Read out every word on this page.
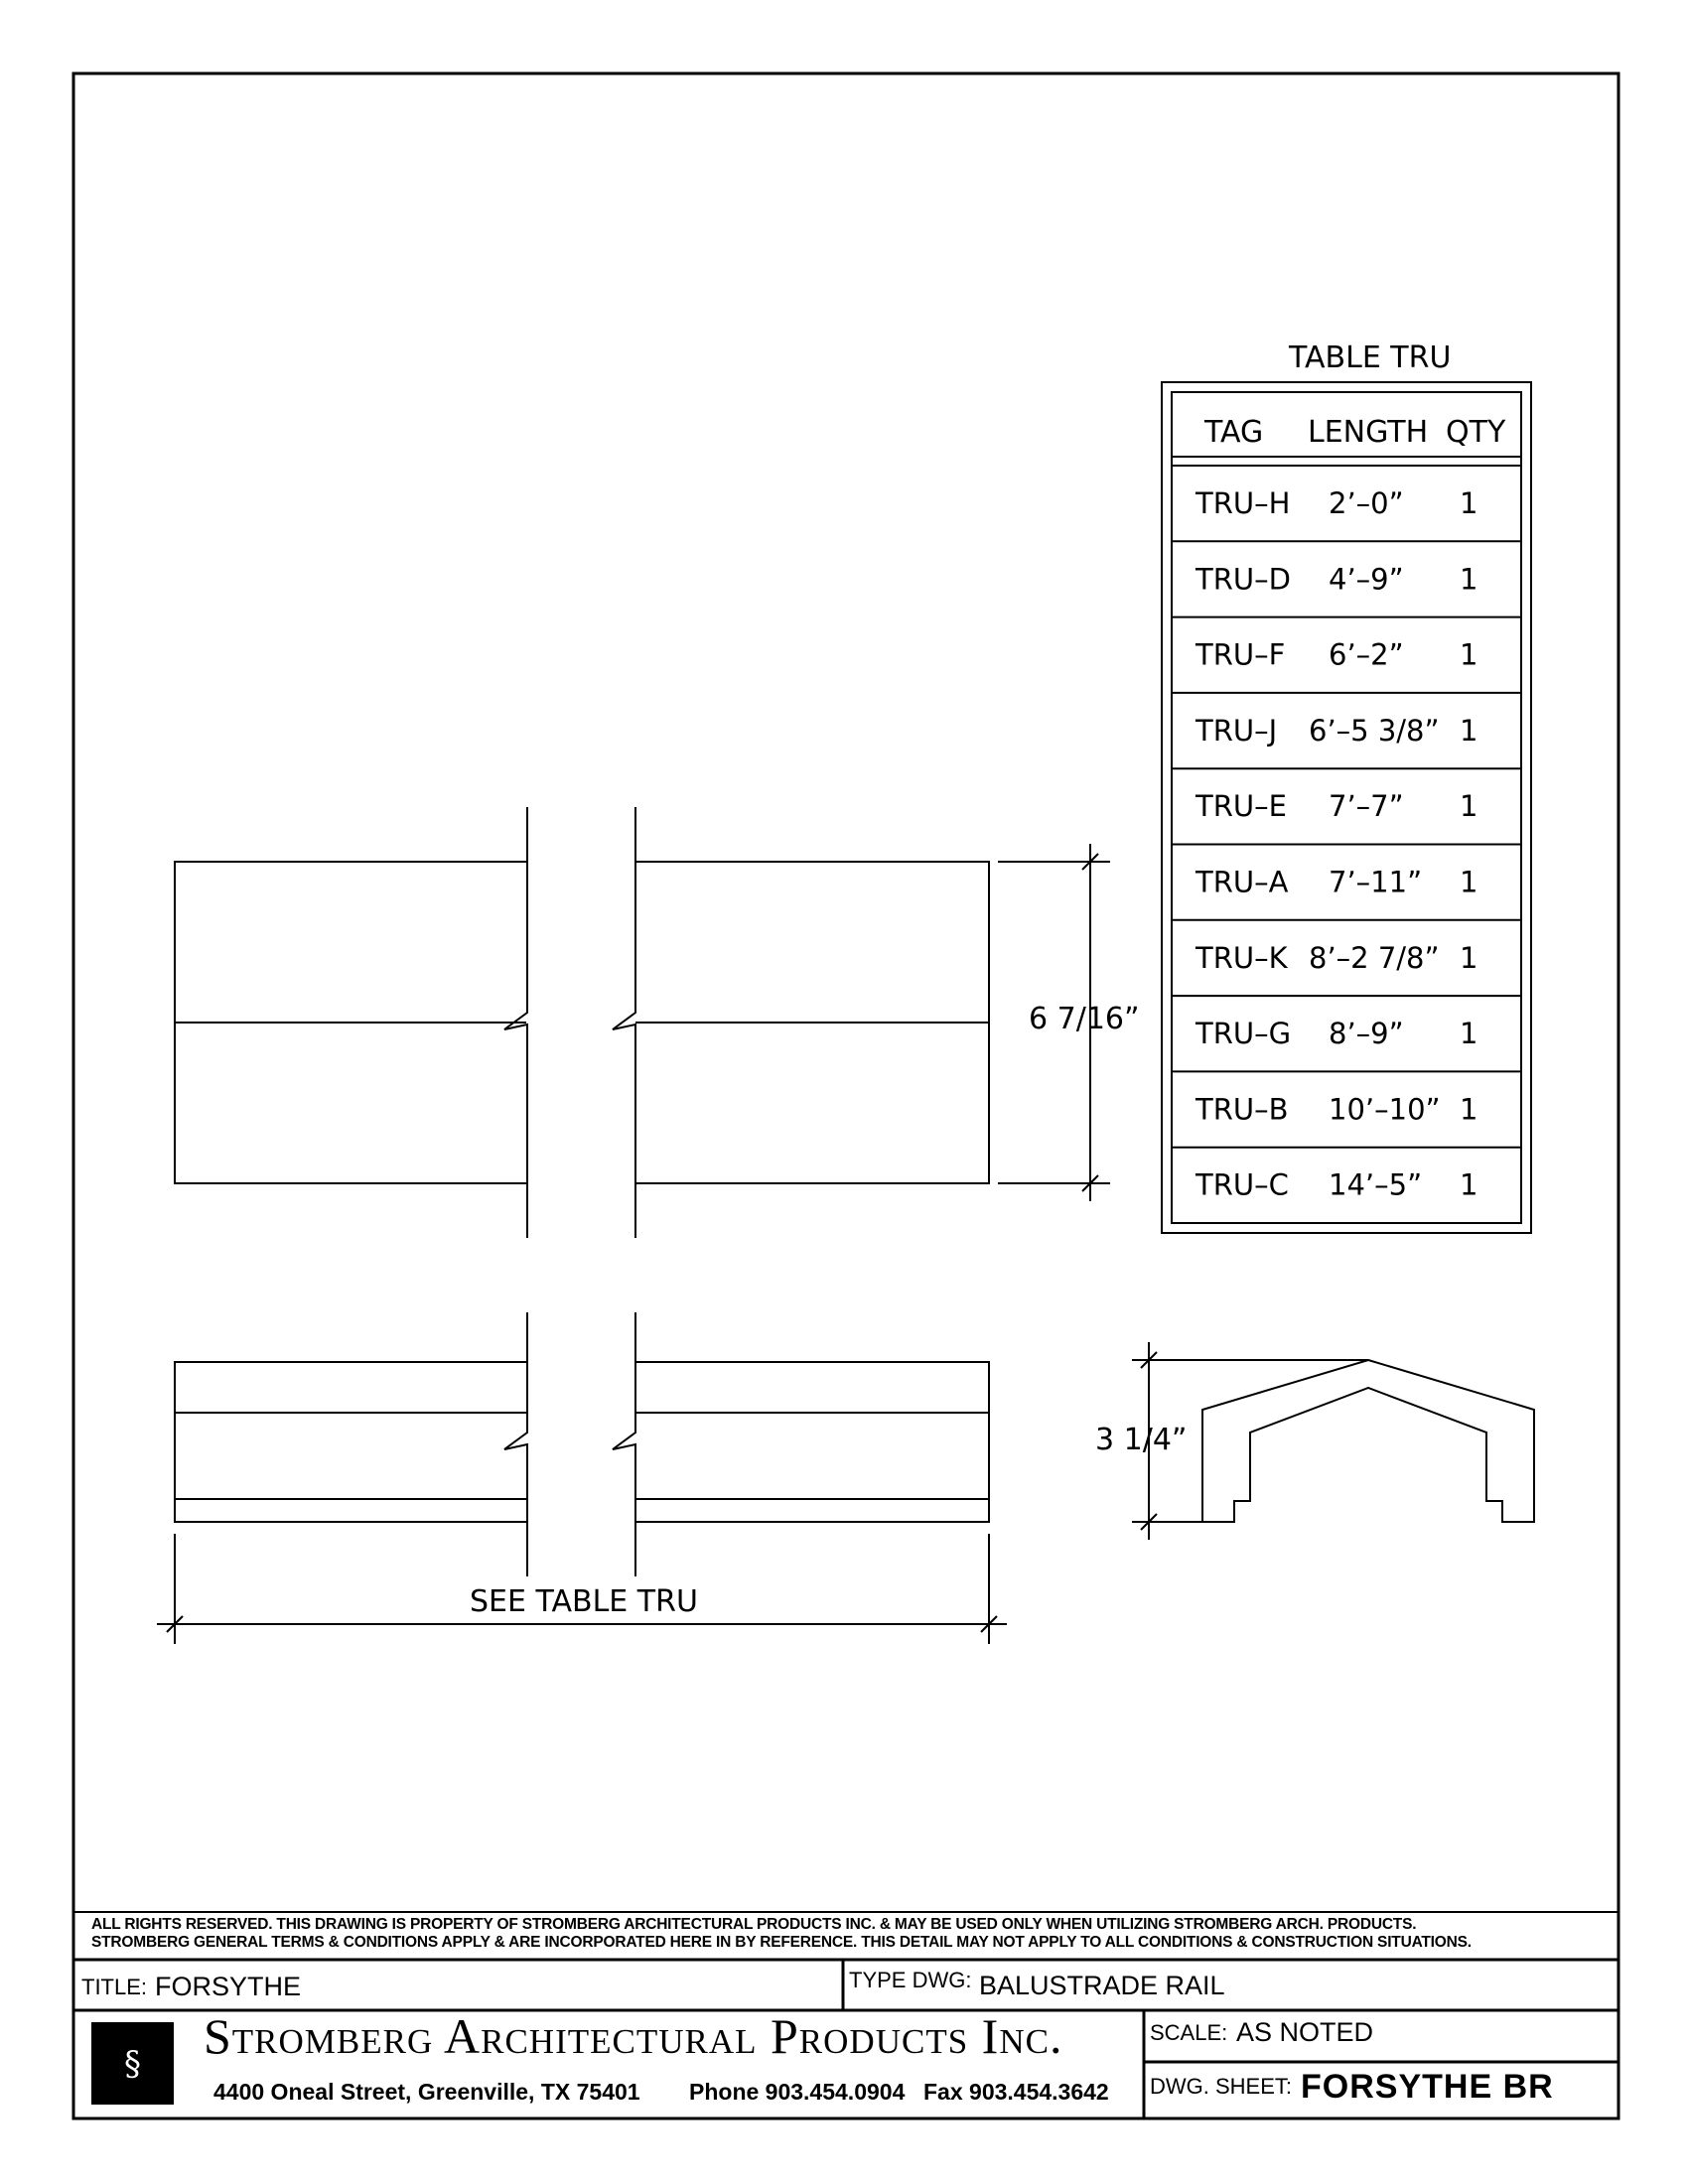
6 7/16”
SEE TABLE TRU
3 1/4”
TABLE TRU
TAG LENGTH QTY
TRU–H 2’–0” 1
TRU–D 4’–9” 1
TRU–F 6’–2” 1
TRU–J 6’–5 3/8” 1
TRU–E 7’–7” 1
TRU–A 7’–11” 1
TRU–K 8’–2 7/8” 1
TRU–G 8’–9” 1
TRU–B 10’–10” 1
TRU–C 14’–5” 1
ALL RIGHTS RESERVED. THIS DRAWING IS PROPERTY OF STROMBERG ARCHITECTURAL PRODUCTS INC. & MAY BE USED ONLY WHEN UTILIZING STROMBERG ARCH. PRODUCTS.
STROMBERG GENERAL TERMS & CONDITIONS APPLY & ARE INCORPORATED HERE IN BY REFERENCE. THIS DETAIL MAY NOT APPLY TO ALL CONDITIONS & CONSTRUCTION SITUATIONS.
TITLE: FORSYTHE	TYPE DWG: BALUSTRADE RAIL
§ Stromberg Architectural Products Inc.
4400 Oneal Street, Greenville, TX 75401 Phone 903.454.0904 Fax 903.454.3642
SCALE: AS NOTED
DWG. SHEET: FORSYTHE BR
